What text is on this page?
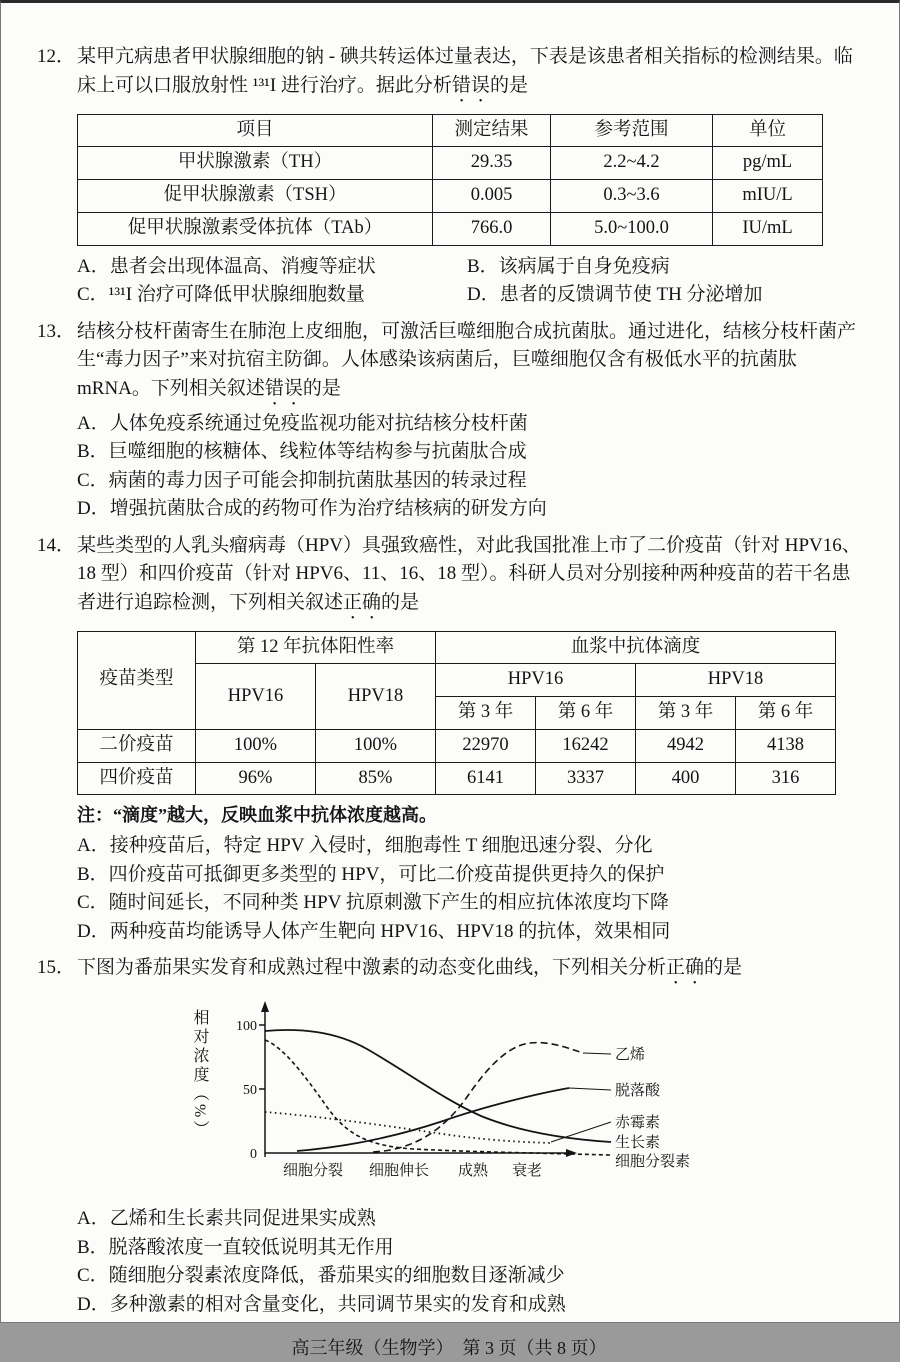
12． 某甲亢病患者甲状腺细胞的钠 - 碘共转运体过量表达，下表是该患者相关指标的检测结果。临床上可以口服放射性 ¹³¹I 进行治疗。据此分析错误的是

项目	测定结果	参考范围	单位
甲状腺激素（TH）	29.35	2.2~4.2	pg/mL
促甲状腺激素（TSH）	0.005	0.3~3.6	mIU/L
促甲状腺激素受体抗体（TAb）	766.0	5.0~100.0	IU/mL

A．患者会出现体温高、消瘦等症状	B．该病属于自身免疫病

C．¹³¹I 治疗可降低甲状腺细胞数量	D．患者的反馈调节使 TH 分泌增加

13． 结核分枝杆菌寄生在肺泡上皮细胞，可激活巨噬细胞合成抗菌肽。通过进化，结核分枝杆菌产生“毒力因子”来对抗宿主防御。人体感染该病菌后，巨噬细胞仅含有极低水平的抗菌肽 mRNA。下列相关叙述错误的是

A．人体免疫系统通过免疫监视功能对抗结核分枝杆菌

B．巨噬细胞的核糖体、线粒体等结构参与抗菌肽合成

C．病菌的毒力因子可能会抑制抗菌肽基因的转录过程

D．增强抗菌肽合成的药物可作为治疗结核病的研发方向

14． 某些类型的人乳头瘤病毒（HPV）具强致癌性，对此我国批准上市了二价疫苗（针对 HPV16、18 型）和四价疫苗（针对 HPV6、11、16、18 型）。科研人员对分别接种两种疫苗的若干名患者进行追踪检测，下列相关叙述正确的是

疫苗类型	第 12 年抗体阳性率		血浆中抗体滴度			
	HPV16	HPV18	HPV16		HPV18	
			第 3 年	第 6 年	第 3 年	第 6 年
二价疫苗	100%	100%	22970	16242	4942	4138
四价疫苗	96%	85%	6141	3337	400	316

注：“滴度”越大，反映血浆中抗体浓度越高。

A．接种疫苗后，特定 HPV 入侵时，细胞毒性 T 细胞迅速分裂、分化

B．四价疫苗可抵御更多类型的 HPV，可比二价疫苗提供更持久的保护

C．随时间延长，不同种类 HPV 抗原刺激下产生的相应抗体浓度均下降

D．两种疫苗均能诱导人体产生靶向 HPV16、HPV18 的抗体，效果相同

15． 下图为番茄果实发育和成熟过程中激素的动态变化曲线，下列相关分析正确的是

相对浓度（%） 100
50
0
乙烯
脱落酸
赤霉素
生长素
细胞分裂素
细胞分裂 细胞伸长 成熟 衰老

A．乙烯和生长素共同促进果实成熟

B．脱落酸浓度一直较低说明其无作用

C．随细胞分裂素浓度降低，番茄果实的细胞数目逐渐减少

D．多种激素的相对含量变化，共同调节果实的发育和成熟

高三年级（生物学）　第 3 页（共 8 页）
